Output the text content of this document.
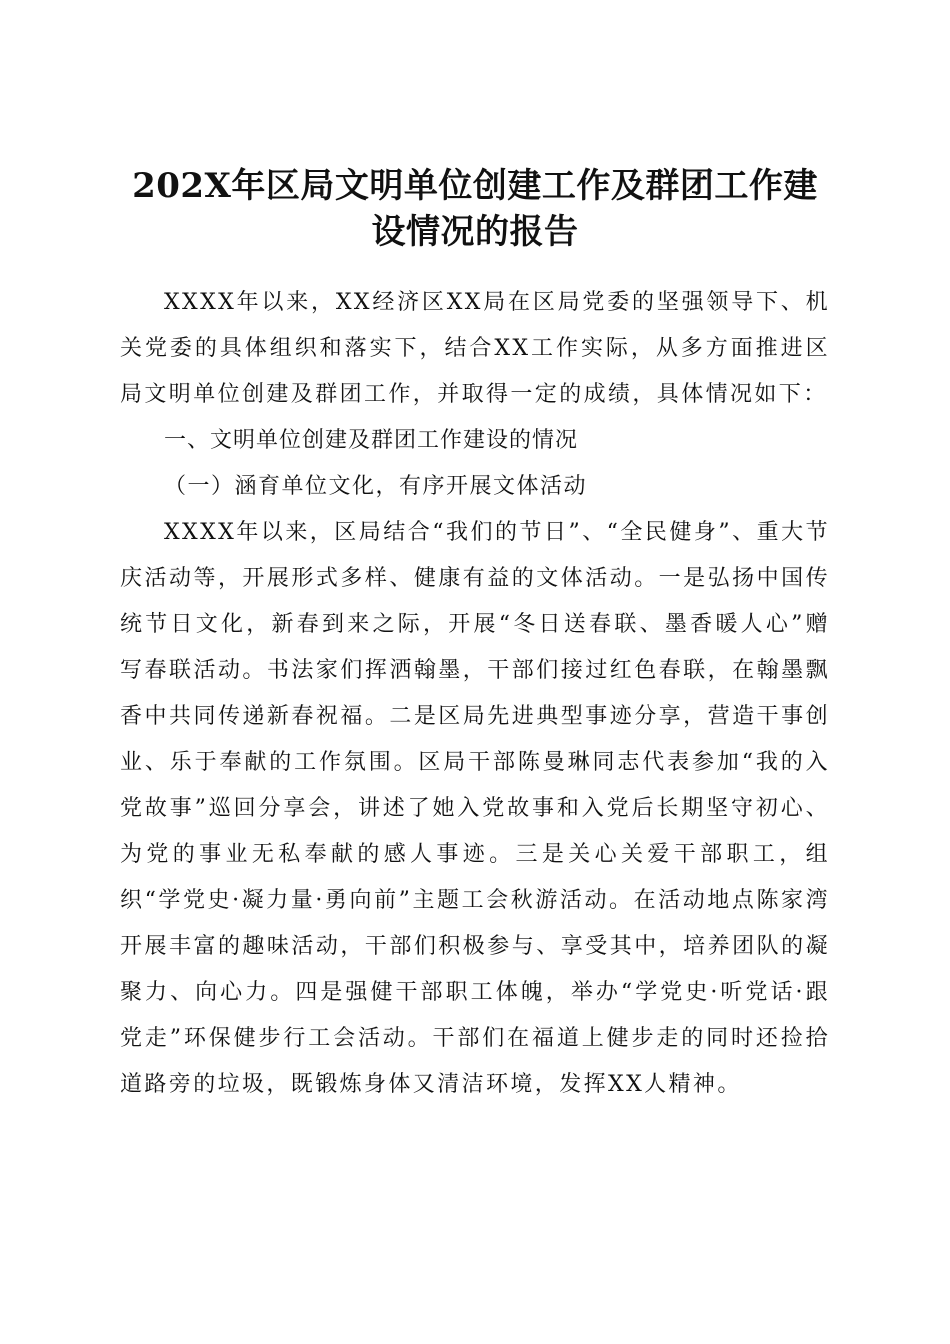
202X年区局文明单位创建工作及群团工作建
设情况的报告

XXXX年以来，XX经济区XX局在区局党委的坚强领导下、机关党委的具体组织和落实下，结合XX工作实际，从多方面推进区局文明单位创建及群团工作，并取得一定的成绩，具体情况如下：

一、文明单位创建及群团工作建设的情况

（一）涵育单位文化，有序开展文体活动

XXXX年以来，区局结合“我们的节日”、“全民健身”、重大节庆活动等，开展形式多样、健康有益的文体活动。一是弘扬中国传统节日文化，新春到来之际，开展“冬日送春联、墨香暖人心”赠写春联活动。书法家们挥洒翰墨，干部们接过红色春联，在翰墨飘香中共同传递新春祝福。二是区局先进典型事迹分享，营造干事创业、乐于奉献的工作氛围。区局干部陈曼琳同志代表参加“我的入党故事”巡回分享会，讲述了她入党故事和入党后长期坚守初心、为党的事业无私奉献的感人事迹。三是关心关爱干部职工，组织“学党史·凝力量·勇向前”主题工会秋游活动。在活动地点陈家湾开展丰富的趣味活动，干部们积极参与、享受其中，培养团队的凝聚力、向心力。四是强健干部职工体魄，举办“学党史·听党话·跟党走”环保健步行工会活动。干部们在福道上健步走的同时还捡拾道路旁的垃圾，既锻炼身体又清洁环境，发挥XX人精神。
